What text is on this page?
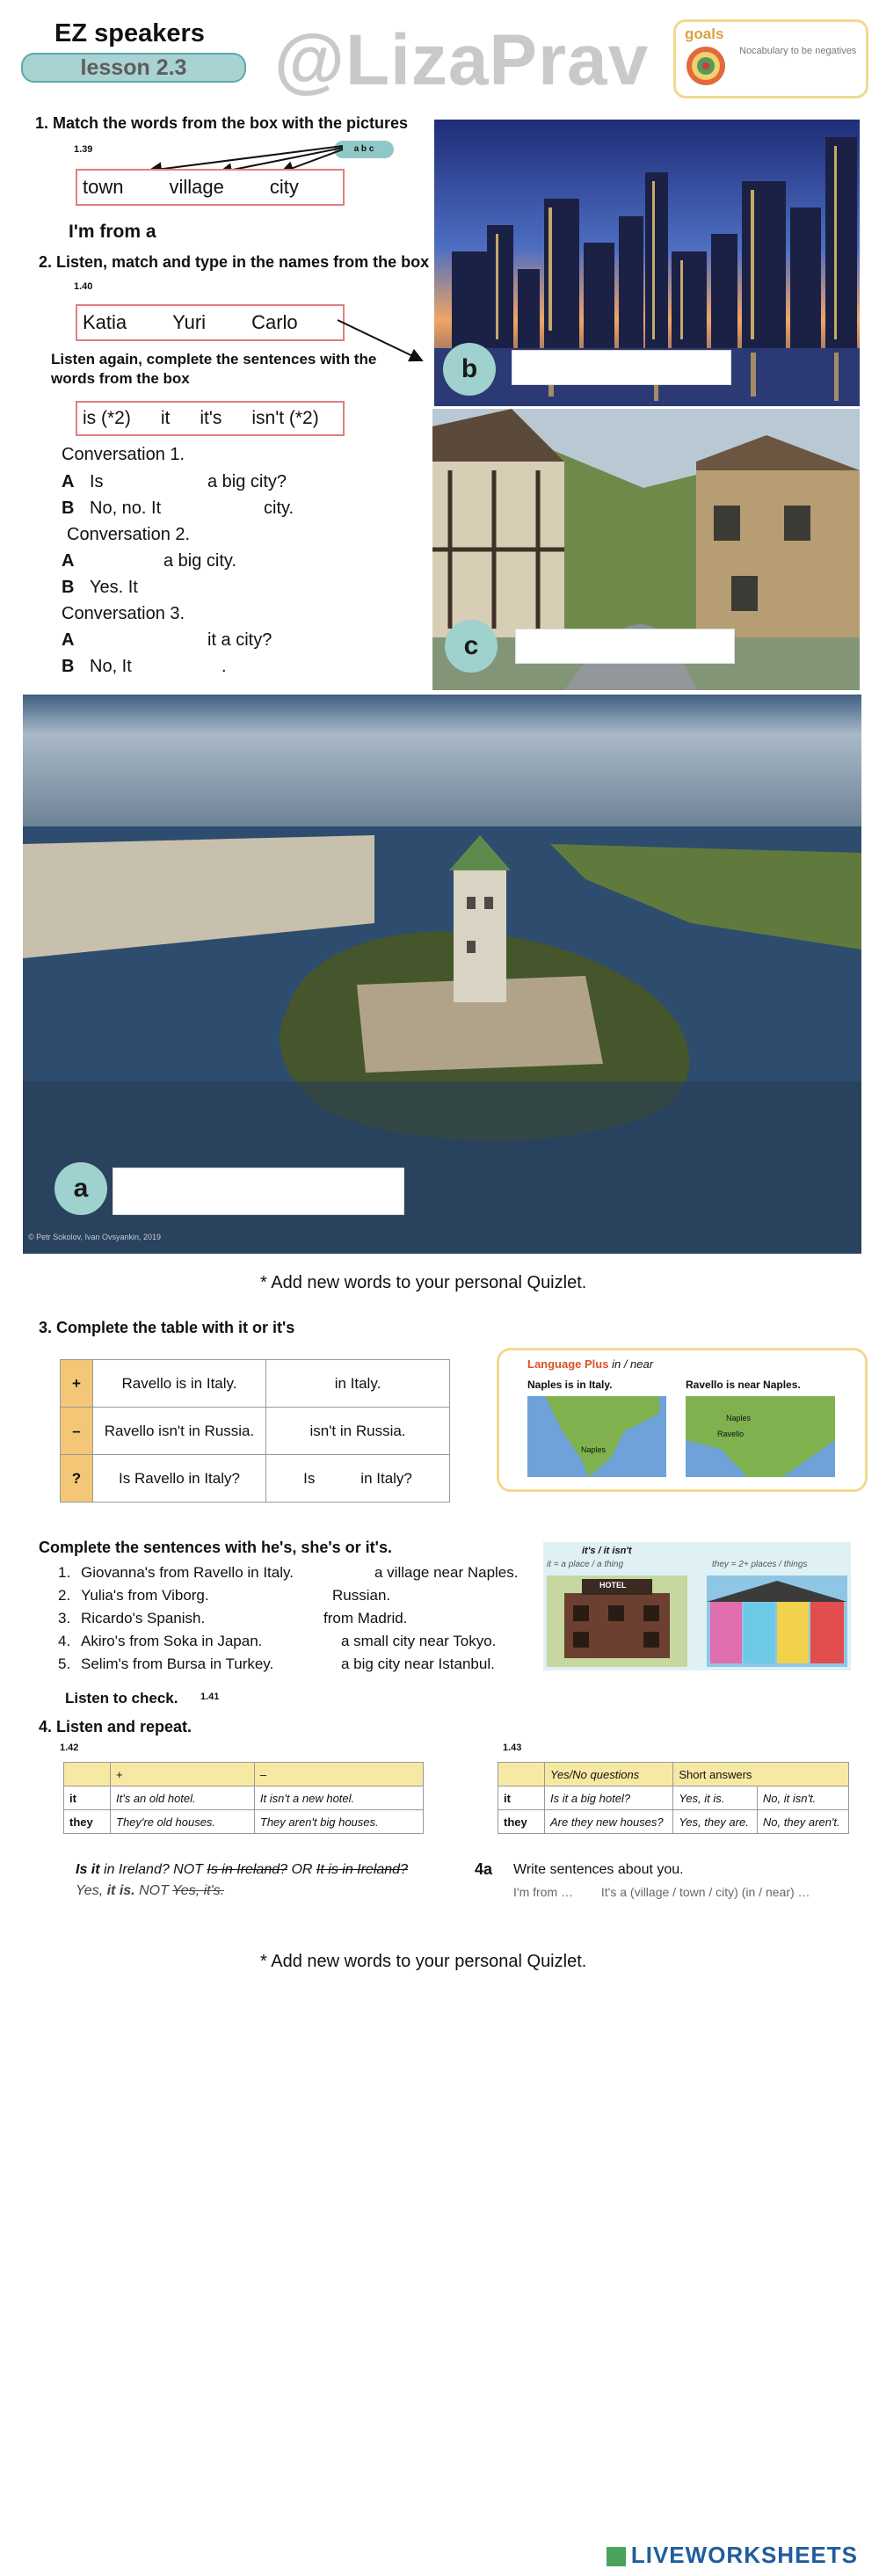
EZ speakers
lesson 2.3	@LizaPrav goals
Nocabulary to be negatives
1. Match the words from the box with the pictures
1.39	a b c
town village city
I'm from a
2. Listen, match and type in the names from the box
1.40
Katia Yuri Carlo
Listen again, complete the sentences with the words from the box
is (*2) it it's isn't (*2)
Conversation 1.
A Is	a big city?
B No, no. It	city.
Conversation 2.
A	a big city.
B Yes. It
Conversation 3.
A	it a city?
B No, It	.
b
c
a
© Petr Sokolov, Ivan Ovsyankin, 2019
* Add new words to your personal Quizlet.
3. Complete the table with it or it's
+	Ravello is in Italy.	in Italy.
–	Ravello isn't in Russia.	isn't in Russia.
?	Is Ravello in Italy?	Is           in Italy?
Language Plus in / near
Naples is in Italy.	Ravello is near Naples.
Naples
Naples
Ravello
Complete the sentences with he's, she's or it's.
1. Giovanna's from Ravello in Italy.	a village near Naples.
2. Yulia's from Viborg.	Russian.
3. Ricardo's Spanish.	from Madrid.
4. Akiro's from Soka in Japan.	a small city near Tokyo.
5. Selim's from Bursa in Turkey.	a big city near Istanbul.
it's / it isn't
it = a place / a thing	they = 2+ places / things
HOTEL
Listen to check. 1.41
4. Listen and repeat.
1.42	1.43
	+	–
it	It's an old hotel.	It isn't a new hotel.
they	They're old houses.	They aren't big houses.
	Yes/No questions	Short answers	
it	Is it a big hotel?	Yes, it is.	No, it isn't.
they	Are they new houses?	Yes, they are.	No, they aren't.
Is it in Ireland? NOT Is in Ireland? OR It is in Ireland?
Yes, it is. NOT Yes, it's.
4a Write sentences about you.
I'm from … It's a (village / town / city) (in / near) …
* Add new words to your personal Quizlet.
LIVEWORKSHEETS
